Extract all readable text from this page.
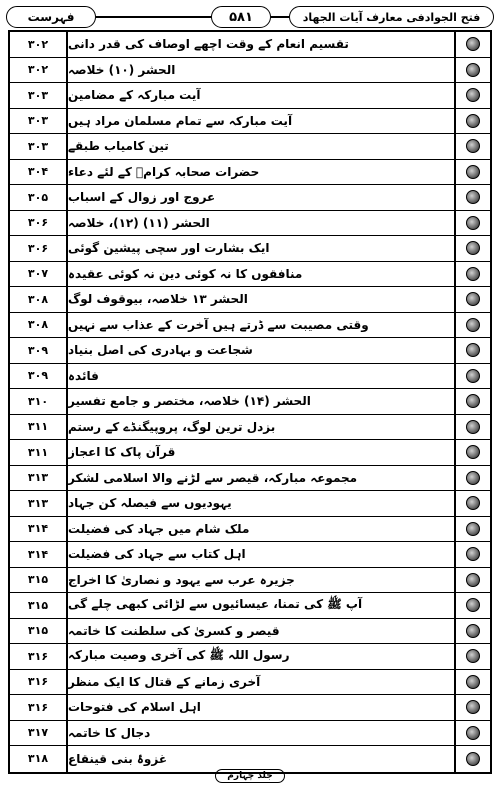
فہرست	۵۸۱	فتح الجوادفی معارف آیات الجھاد
۳۰۲	تقسیم انعام کے وقت اچھے اوصاف کی قدر دانی
۳۰۲	الحشر (۱۰) خلاصہ
۳۰۳	آیت مبارکہ کے مضامین
۳۰۳	آیت مبارکہ سے تمام مسلمان مراد ہیں
۳۰۳	تین کامیاب طبقے
۳۰۴	حضرات صحابہ کرامؓ کے لئے دعاء
۳۰۵	عروج اور زوال کے اسباب
۳۰۶	الحشر (۱۱) (۱۲)، خلاصہ
۳۰۶	ایک بشارت اور سچی پیشین گوئی
۳۰۷	منافقوں کا نہ کوئی دین نہ کوئی عقیدہ
۳۰۸	الحشر ۱۳ خلاصہ، بیوقوف لوگ
۳۰۸	وقتی مصیبت سے ڈرتے ہیں آخرت کے عذاب سے نہیں
۳۰۹	شجاعت و بہادری کی اصل بنیاد
۳۰۹	فائدہ
۳۱۰	الحشر (۱۴) خلاصہ، مختصر و جامع تفسیر
۳۱۱	بزدل ترین لوگ، پروپیگنڈے کے رستم
۳۱۱	قرآن پاک کا اعجاز
۳۱۳	مجموعہ مبارکہ، قیصر سے لڑنے والا اسلامی لشکر
۳۱۳	یہودیوں سے فیصلہ کن جہاد
۳۱۴	ملک شام میں جہاد کی فضیلت
۳۱۴	اہل کتاب سے جہاد کی فضیلت
۳۱۵	جزیرہ عرب سے یہود و نصاریٰ کا اخراج
۳۱۵	آپ ﷺ کی تمنا، عیسائیوں سے لڑائی کبھی چلے گی
۳۱۵	قیصر و کسریٰ کی سلطنت کا خاتمہ
۳۱۶	رسول اللہ ﷺ کی آخری وصیت مبارکہ
۳۱۶	آخری زمانے کے قتال کا ایک منظر
۳۱۶	اہل اسلام کی فتوحات
۳۱۷	دجال کا خاتمہ
۳۱۸	غزوۂ بنی قینقاع
جلد چہارم
